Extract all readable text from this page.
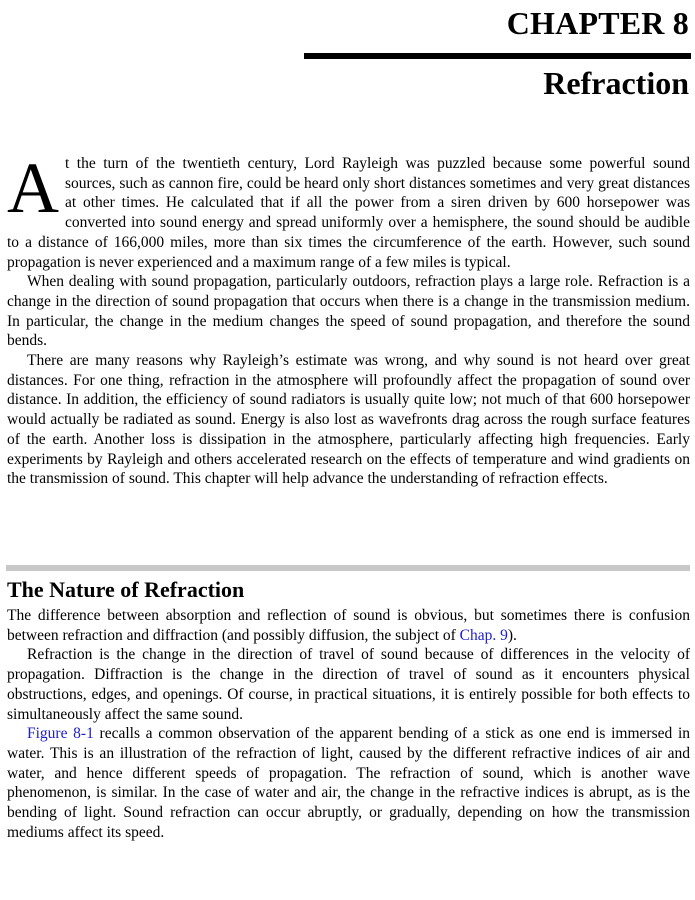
CHAPTER 8
Refraction
A t the turn of the twentieth century, Lord Rayleigh was puzzled because some powerful sound sources, such as cannon fire, could be heard only short distances sometimes and very great distances at other times. He calculated that if all the power from a siren driven by 600 horsepower was converted into sound energy and spread uniformly over a hemisphere, the sound should be audible to a distance of 166,000 miles, more than six times the circumference of the earth. However, such sound propagation is never experienced and a maximum range of a few miles is typical.

When dealing with sound propagation, particularly outdoors, refraction plays a large role. Refraction is a change in the direction of sound propagation that occurs when there is a change in the transmission medium. In particular, the change in the medium changes the speed of sound propagation, and therefore the sound bends.

There are many reasons why Rayleigh’s estimate was wrong, and why sound is not heard over great distances. For one thing, refraction in the atmosphere will profoundly affect the propagation of sound over distance. In addition, the efficiency of sound radiators is usually quite low; not much of that 600 horsepower would actually be radiated as sound. Energy is also lost as wavefronts drag across the rough surface features of the earth. Another loss is dissipation in the atmosphere, particularly affecting high frequencies. Early experiments by Rayleigh and others accelerated research on the effects of temperature and wind gradients on the transmission of sound. This chapter will help advance the understanding of refraction effects.

The Nature of Refraction

The difference between absorption and reflection of sound is obvious, but sometimes there is confusion between refraction and diffraction (and possibly diffusion, the subject of Chap. 9).

Refraction is the change in the direction of travel of sound because of differences in the velocity of propagation. Diffraction is the change in the direction of travel of sound as it encounters physical obstructions, edges, and openings. Of course, in practical situations, it is entirely possible for both effects to simultaneously affect the same sound.

Figure 8-1 recalls a common observation of the apparent bending of a stick as one end is immersed in water. This is an illustration of the refraction of light, caused by the different refractive indices of air and water, and hence different speeds of propagation. The refraction of sound, which is another wave phenomenon, is similar. In the case of water and air, the change in the refractive indices is abrupt, as is the bending of light. Sound refraction can occur abruptly, or gradually, depending on how the transmission mediums affect its speed.
